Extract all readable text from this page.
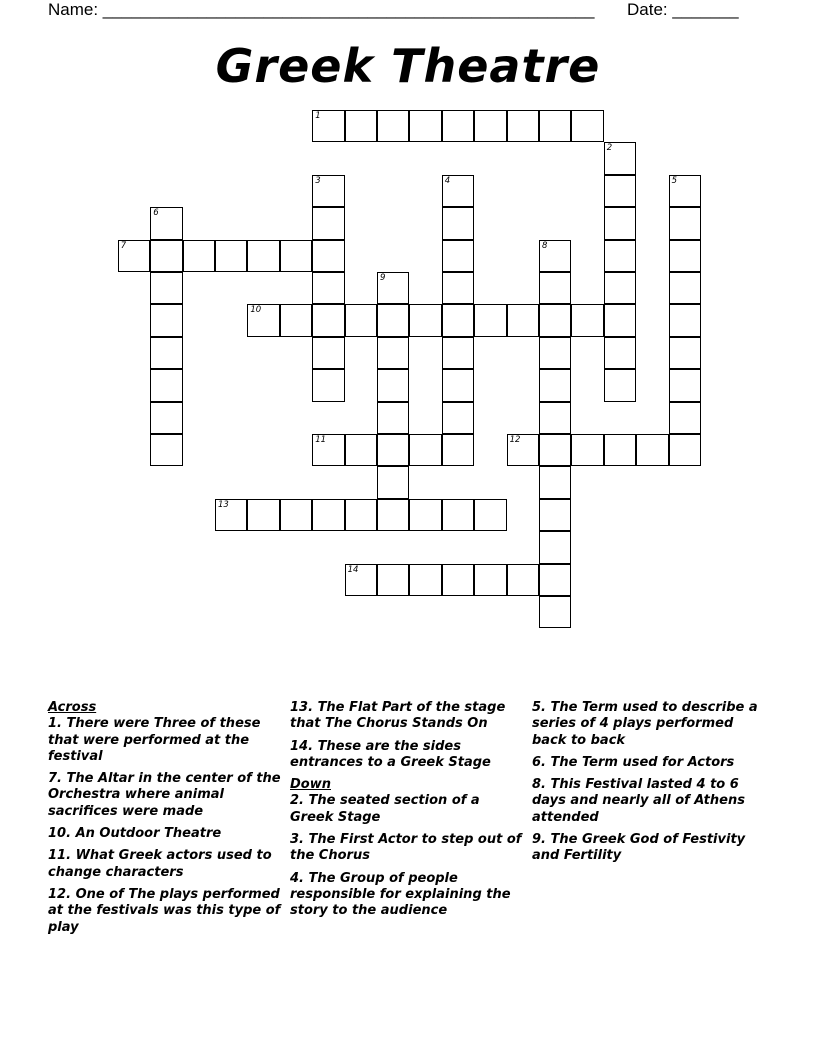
Name: ____________________________________________________ Date: _______
Greek Theatre
1
2
3	4	5
6
7	8
9
10
11	12
13
14
Across
1. There were Three of these that were performed at the festival
7. The Altar in the center of the Orchestra where animal sacrifices were made
10. An Outdoor Theatre
11. What Greek actors used to change characters
12. One of The plays performed at the festivals was this type of play
13. The Flat Part of the stage that The Chorus Stands On
14. These are the sides entrances to a Greek Stage
Down
2. The seated section of a Greek Stage
3. The First Actor to step out of the Chorus
4. The Group of people responsible for explaining the story to the audience
5. The Term used to describe a series of 4 plays performed back to back
6. The Term used for Actors
8. This Festival lasted 4 to 6 days and nearly all of Athens attended
9. The Greek God of Festivity and Fertility
